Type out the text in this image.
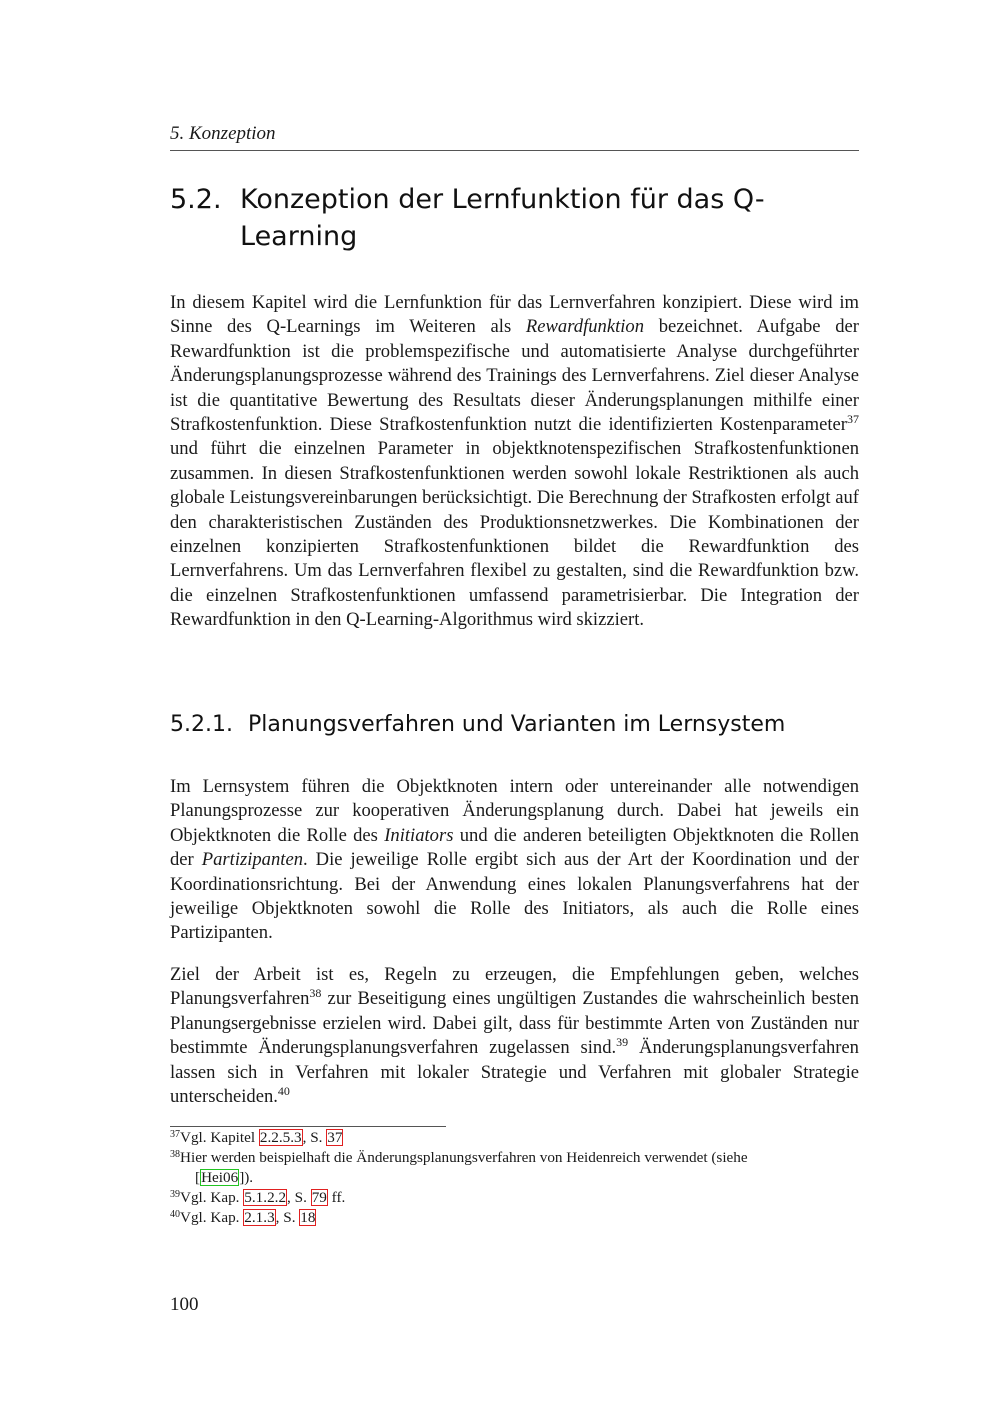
5. Konzeption
5.2. Konzeption der Lernfunktion für das Q-Learning

In diesem Kapitel wird die Lernfunktion für das Lernverfahren konzipiert. Diese wird im Sinne des Q-Learnings im Weiteren als Rewardfunktion bezeichnet. Aufgabe der Rewardfunktion ist die problemspezifische und automatisierte Analyse durchgeführter Änderungsplanungsprozesse während des Trainings des Lernverfahrens. Ziel dieser Analyse ist die quantitative Bewertung des Resultats dieser Änderungsplanungen mithilfe einer Strafkostenfunktion. Diese Strafkostenfunktion nutzt die identifizierten Kostenparameter$^{37}$ und führt die einzelnen Parameter in objektknotenspezifischen Strafkostenfunktionen zusammen. In diesen Strafkostenfunktionen werden sowohl lokale Restriktionen als auch globale Leistungsvereinbarungen berücksichtigt. Die Berechnung der Strafkosten erfolgt auf den charakteristischen Zuständen des Produktionsnetzwerkes. Die Kombinationen der einzelnen konzipierten Strafkostenfunktionen bildet die Rewardfunktion des Lernverfahrens. Um das Lernverfahren flexibel zu gestalten, sind die Rewardfunktion bzw. die einzelnen Strafkostenfunktionen umfassend parametrisierbar. Die Integration der Rewardfunktion in den Q-Learning-Algorithmus wird skizziert.

5.2.1. Planungsverfahren und Varianten im Lernsystem

Im Lernsystem führen die Objektknoten intern oder untereinander alle notwendigen Planungsprozesse zur kooperativen Änderungsplanung durch. Dabei hat jeweils ein Objektknoten die Rolle des Initiators und die anderen beteiligten Objektknoten die Rollen der Partizipanten. Die jeweilige Rolle ergibt sich aus der Art der Koordination und der Koordinationsrichtung. Bei der Anwendung eines lokalen Planungsverfahrens hat der jeweilige Objektknoten sowohl die Rolle des Initiators, als auch die Rolle eines Partizipanten.

Ziel der Arbeit ist es, Regeln zu erzeugen, die Empfehlungen geben, welches Planungsverfahren$^{38}$ zur Beseitigung eines ungültigen Zustandes die wahrscheinlich besten Planungsergebnisse erzielen wird. Dabei gilt, dass für bestimmte Arten von Zuständen nur bestimmte Änderungsplanungsverfahren zugelassen sind.$^{39}$ Änderungsplanungsverfahren lassen sich in Verfahren mit lokaler Strategie und Verfahren mit globaler Strategie unterscheiden.$^{40}$

$^{37}$Vgl. Kapitel 2.2.5.3, S. 37

$^{38}$Hier werden beispielhaft die Änderungsplanungsverfahren von Heidenreich verwendet (siehe
[Hei06]).

$^{39}$Vgl. Kap. 5.1.2.2, S. 79 ff.

$^{40}$Vgl. Kap. 2.1.3, S. 18

100
